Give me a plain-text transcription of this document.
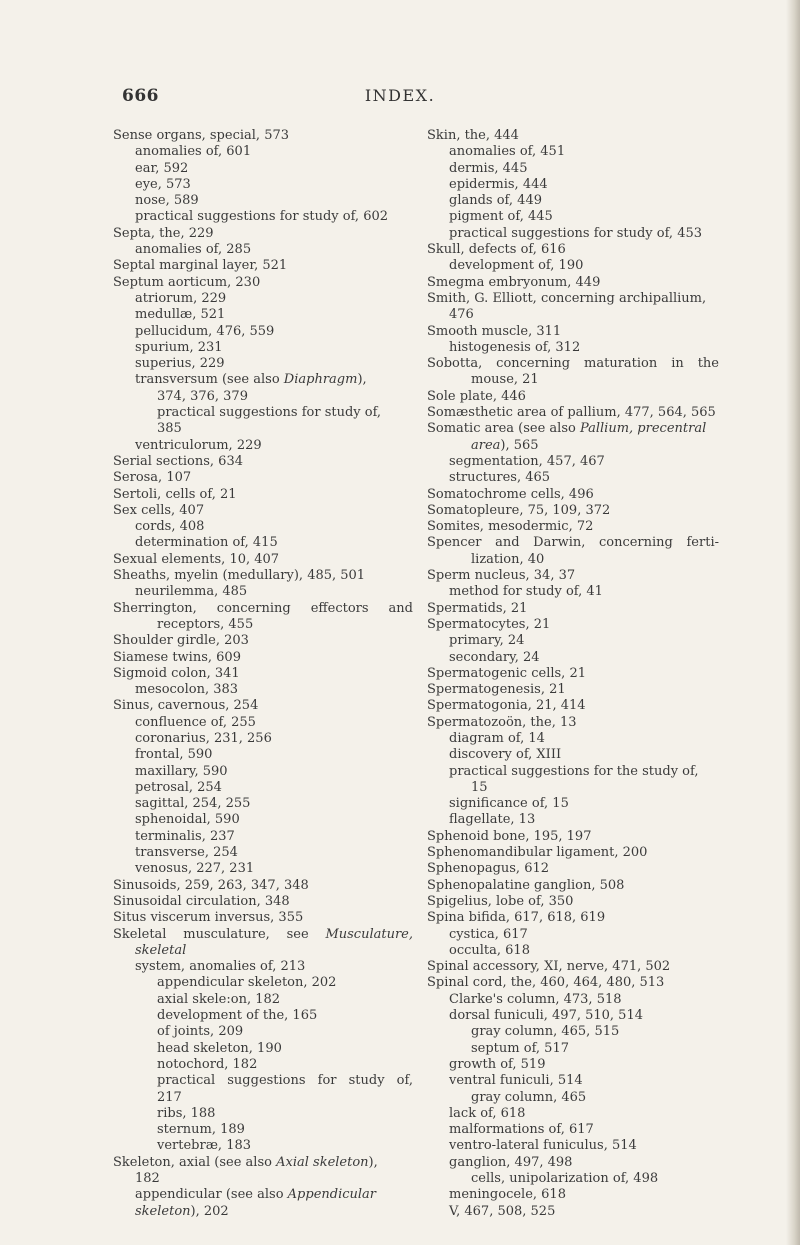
666	INDEX.
Sense organs, special, 573
anomalies of, 601
ear, 592
eye, 573
nose, 589
practical suggestions for study of, 602
Septa, the, 229
anomalies of, 285
Septal marginal layer, 521
Septum aorticum, 230
atriorum, 229
medullæ, 521
pellucidum, 476, 559
spurium, 231
superius, 229
transversum (see also Diaphragm),
374, 376, 379
practical suggestions for study of,
385
ventriculorum, 229
Serial sections, 634
Serosa, 107
Sertoli, cells of, 21
Sex cells, 407
cords, 408
determination of, 415
Sexual elements, 10, 407
Sheaths, myelin (medullary), 485, 501
neurilemma, 485
Sherrington, concerning effectors and
receptors, 455
Shoulder girdle, 203
Siamese twins, 609
Sigmoid colon, 341
mesocolon, 383
Sinus, cavernous, 254
confluence of, 255
coronarius, 231, 256
frontal, 590
maxillary, 590
petrosal, 254
sagittal, 254, 255
sphenoidal, 590
terminalis, 237
transverse, 254
venosus, 227, 231
Sinusoids, 259, 263, 347, 348
Sinusoidal circulation, 348
Situs viscerum inversus, 355
Skeletal musculature, see Musculature,
skeletal
system, anomalies of, 213
appendicular skeleton, 202
axial skele:on, 182
development of the, 165
of joints, 209
head skeleton, 190
notochord, 182
practical suggestions for study of,
217
ribs, 188
sternum, 189
vertebræ, 183
Skeleton, axial (see also Axial skeleton),
182
appendicular (see also Appendicular
skeleton), 202
Skin, the, 444
anomalies of, 451
dermis, 445
epidermis, 444
glands of, 449
pigment of, 445
practical suggestions for study of, 453
Skull, defects of, 616
development of, 190
Smegma embryonum, 449
Smith, G. Elliott, concerning archipallium,
476
Smooth muscle, 311
histogenesis of, 312
Sobotta, concerning maturation in the
mouse, 21
Sole plate, 446
Somæsthetic area of pallium, 477, 564, 565
Somatic area (see also Pallium, precentral
area), 565
segmentation, 457, 467
structures, 465
Somatochrome cells, 496
Somatopleure, 75, 109, 372
Somites, mesodermic, 72
Spencer and Darwin, concerning ferti-
lization, 40
Sperm nucleus, 34, 37
method for study of, 41
Spermatids, 21
Spermatocytes, 21
primary, 24
secondary, 24
Spermatogenic cells, 21
Spermatogenesis, 21
Spermatogonia, 21, 414
Spermatozoön, the, 13
diagram of, 14
discovery of, XIII
practical suggestions for the study of,
15
significance of, 15
flagellate, 13
Sphenoid bone, 195, 197
Sphenomandibular ligament, 200
Sphenopagus, 612
Sphenopalatine ganglion, 508
Spigelius, lobe of, 350
Spina bifida, 617, 618, 619
cystica, 617
occulta, 618
Spinal accessory, XI, nerve, 471, 502
Spinal cord, the, 460, 464, 480, 513
Clarke's column, 473, 518
dorsal funiculi, 497, 510, 514
gray column, 465, 515
septum of, 517
growth of, 519
ventral funiculi, 514
gray column, 465
lack of, 618
malformations of, 617
ventro-lateral funiculus, 514
ganglion, 497, 498
cells, unipolarization of, 498
meningocele, 618
V, 467, 508, 525
